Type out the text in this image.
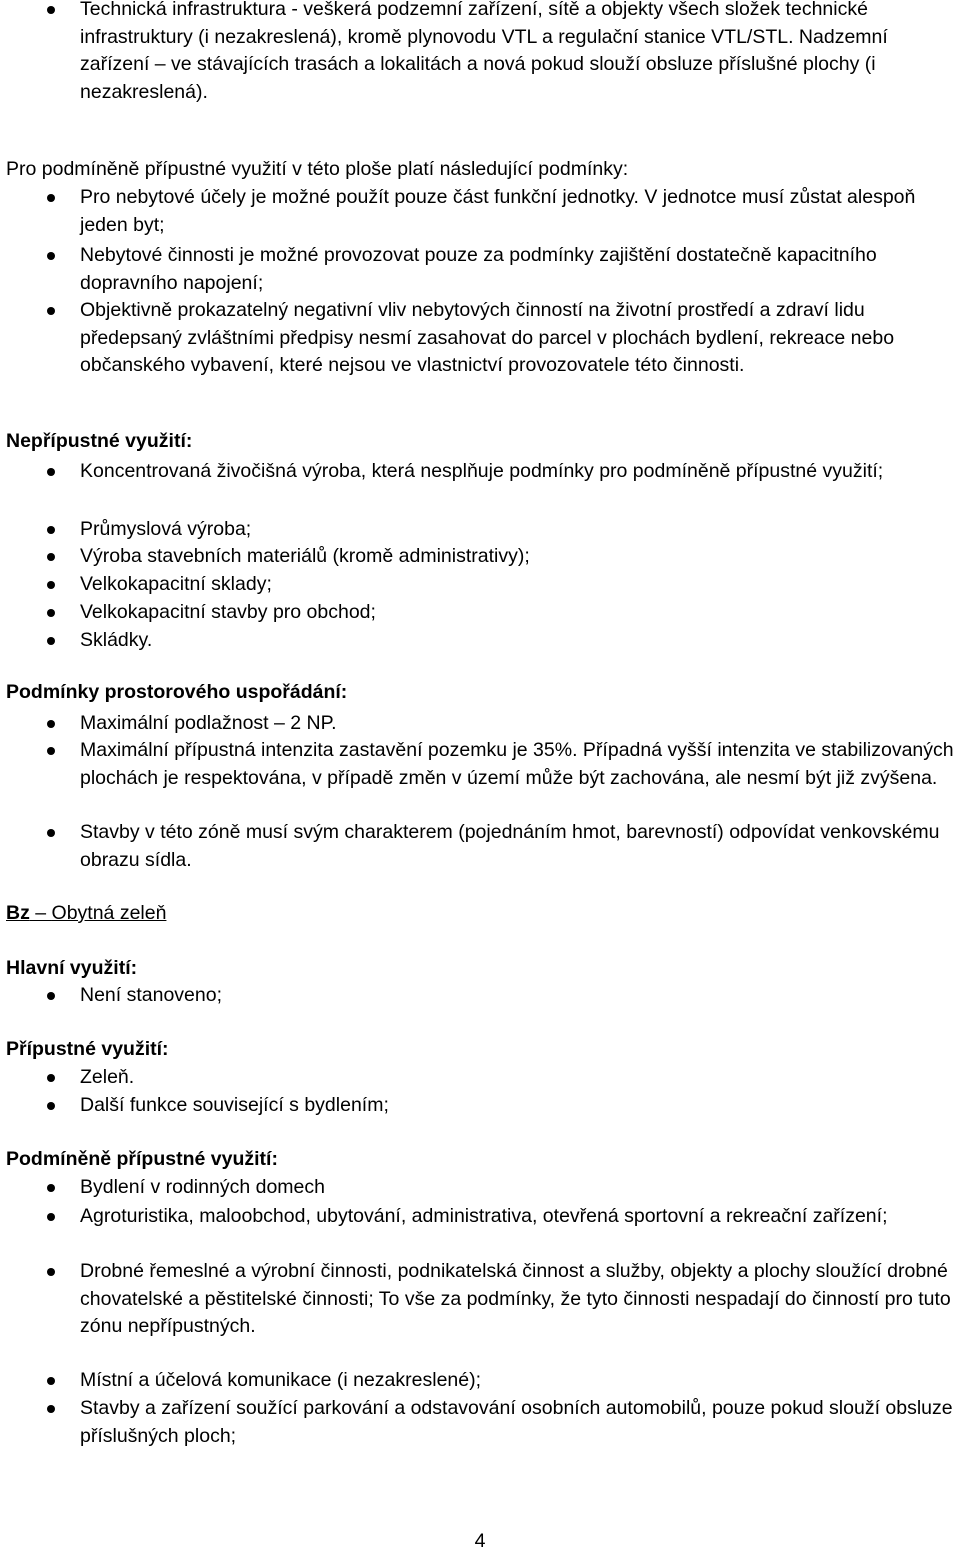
Technická infrastruktura - veškerá podzemní zařízení, sítě a objekty všech složek technické infrastruktury (i nezakreslená), kromě plynovodu VTL a regulační stanice VTL/STL. Nadzemní zařízení – ve stávajících trasách a lokalitách a nová pokud slouží obsluze příslušné plochy (i nezakreslená).
Pro podmíněně přípustné využití v této ploše platí následující podmínky:
Pro nebytové účely je možné použít pouze část funkční jednotky. V jednotce musí zůstat alespoň jeden byt;
Nebytové činnosti je možné provozovat pouze za podmínky zajištění dostatečně kapacitního dopravního napojení;
Objektivně prokazatelný negativní vliv nebytových činností na životní prostředí a zdraví lidu předepsaný zvláštními předpisy nesmí zasahovat do parcel v plochách bydlení, rekreace nebo občanského vybavení, které nejsou ve vlastnictví provozovatele této činnosti.
Nepřípustné využití:
Koncentrovaná živočišná výroba, která nesplňuje podmínky pro podmíněně přípustné využití;
Průmyslová výroba;
Výroba stavebních materiálů (kromě administrativy);
Velkokapacitní sklady;
Velkokapacitní stavby pro obchod;
Skládky.
Podmínky prostorového uspořádání:
Maximální podlažnost – 2 NP.
Maximální přípustná intenzita zastavění pozemku je 35%. Případná vyšší intenzita ve stabilizovaných plochách je respektována, v případě změn v území může být zachována, ale nesmí být již zvýšena.
Stavby v této zóně musí svým charakterem (pojednáním hmot, barevností) odpovídat venkovskému obrazu sídla.
Bz – Obytná zeleň
Hlavní využití:
Není stanoveno;
Přípustné využití:
Zeleň.
Další funkce související s bydlením;
Podmíněně přípustné využití:
Bydlení v rodinných domech
Agroturistika, maloobchod, ubytování, administrativa, otevřená sportovní a rekreační zařízení;
Drobné řemeslné a výrobní činnosti, podnikatelská činnost a služby, objekty a plochy sloužící drobné chovatelské a pěstitelské činnosti; To vše za podmínky, že tyto činnosti nespadají do činností pro tuto zónu nepřípustných.
Místní a účelová komunikace (i nezakreslené);
Stavby a zařízení soužící parkování a odstavování osobních automobilů, pouze pokud slouží obsluze příslušných ploch;
4
